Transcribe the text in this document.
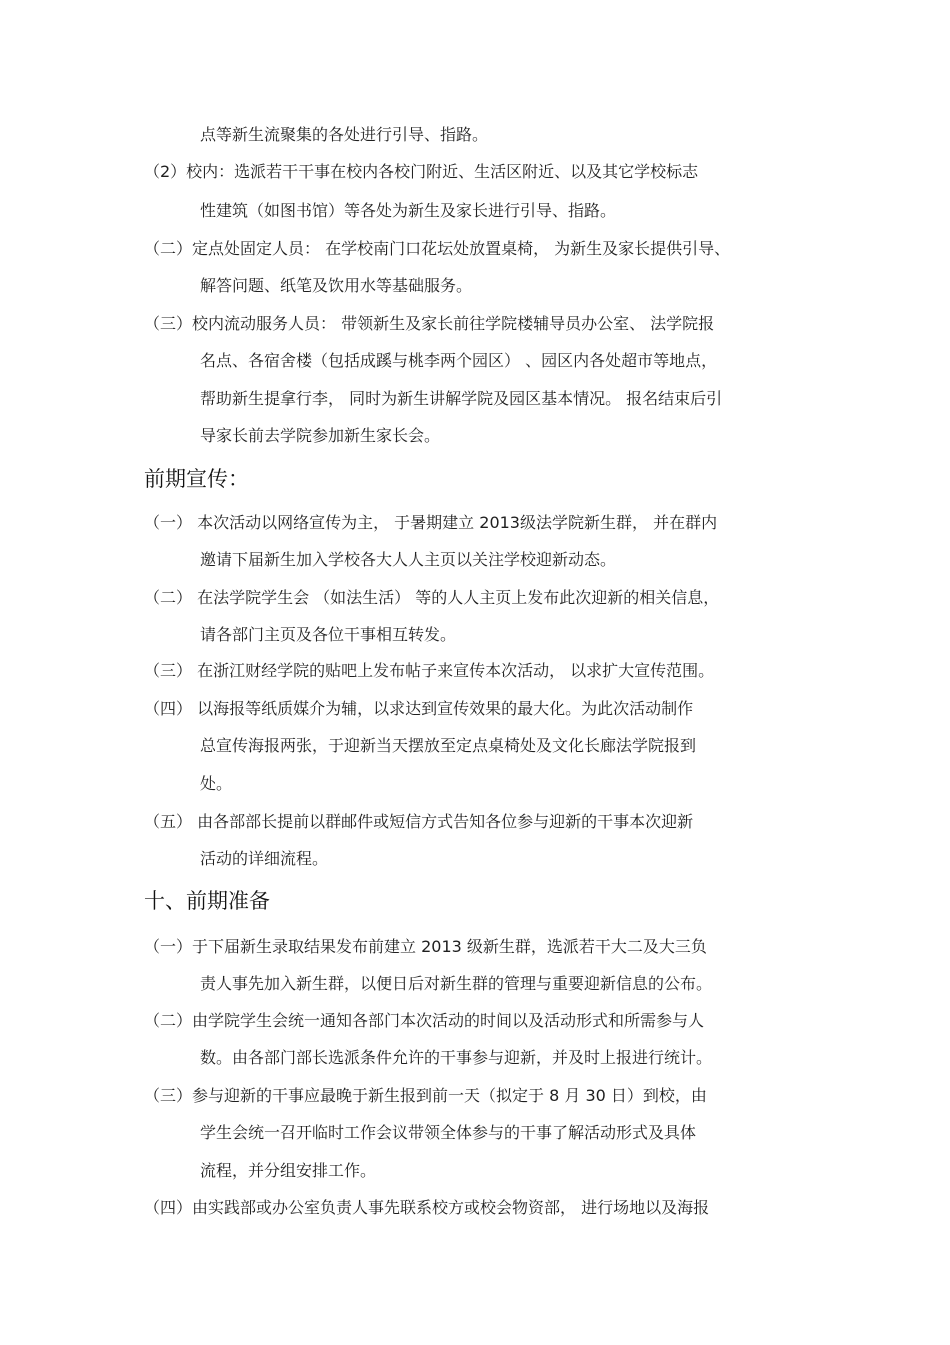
点等新生流聚集的各处进行引导、指路。
（2）校内：选派若干干事在校内各校门附近、生活区附近、以及其它学校标志
性建筑（如图书馆）等各处为新生及家长进行引导、指路。
（二）定点处固定人员： 在学校南门口花坛处放置桌椅， 为新生及家长提供引导、
解答问题、纸笔及饮用水等基础服务。
（三）校内流动服务人员： 带领新生及家长前往学院楼辅导员办公室、 法学院报
名点、各宿舍楼（包括成蹊与桃李两个园区） 、园区内各处超市等地点，
帮助新生提拿行李， 同时为新生讲解学院及园区基本情况。 报名结束后引
导家长前去学院参加新生家长会。
前期宣传：
（一） 本次活动以网络宣传为主， 于暑期建立 2013级法学院新生群， 并在群内
邀请下届新生加入学校各大人人主页以关注学校迎新动态。
（二） 在法学院学生会 （如法生活） 等的人人主页上发布此次迎新的相关信息，
请各部门主页及各位干事相互转发。
（三） 在浙江财经学院的贴吧上发布帖子来宣传本次活动， 以求扩大宣传范围。
（四） 以海报等纸质媒介为辅，以求达到宣传效果的最大化。为此次活动制作
总宣传海报两张，于迎新当天摆放至定点桌椅处及文化长廊法学院报到
处。
（五） 由各部部长提前以群邮件或短信方式告知各位参与迎新的干事本次迎新
活动的详细流程。
十、前期准备
（一）于下届新生录取结果发布前建立 2013 级新生群，选派若干大二及大三负
责人事先加入新生群，以便日后对新生群的管理与重要迎新信息的公布。
（二）由学院学生会统一通知各部门本次活动的时间以及活动形式和所需参与人
数。由各部门部长选派条件允许的干事参与迎新，并及时上报进行统计。
（三）参与迎新的干事应最晚于新生报到前一天（拟定于 8 月 30 日）到校，由
学生会统一召开临时工作会议带领全体参与的干事了解活动形式及具体
流程，并分组安排工作。
（四）由实践部或办公室负责人事先联系校方或校会物资部， 进行场地以及海报
